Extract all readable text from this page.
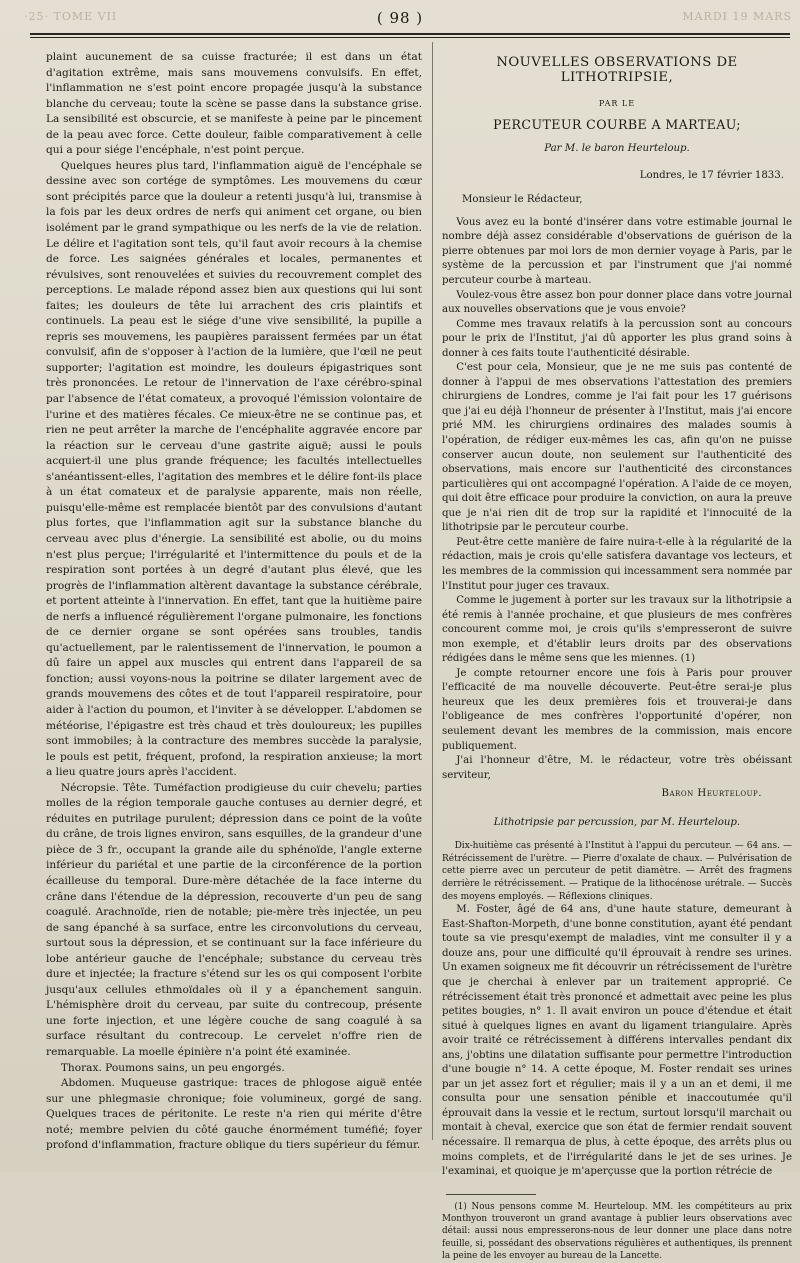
·25· TOME VII	MARDI 19 MARS
( 98 )

plaint aucunement de sa cuisse fracturée; il est dans un état d'agitation extrême, mais sans mouvemens convulsifs. En effet, l'inflammation ne s'est point encore propagée jusqu'à la substance blanche du cerveau; toute la scène se passe dans la substance grise. La sensibilité est obscurcie, et se manifeste à peine par le pincement de la peau avec force. Cette douleur, faible comparativement à celle qui a pour siége l'encéphale, n'est point perçue.

Quelques heures plus tard, l'inflammation aiguë de l'encéphale se dessine avec son cortége de symptômes. Les mouvemens du cœur sont précipités parce que la douleur a retenti jusqu'à lui, transmise à la fois par les deux ordres de nerfs qui animent cet organe, ou bien isolément par le grand sympathique ou les nerfs de la vie de relation. Le délire et l'agitation sont tels, qu'il faut avoir recours à la chemise de force. Les saignées générales et locales, permanentes et révulsives, sont renouvelées et suivies du recouvrement complet des perceptions. Le malade répond assez bien aux questions qui lui sont faites; les douleurs de tête lui arrachent des cris plaintifs et continuels. La peau est le siége d'une vive sensibilité, la pupille a repris ses mouvemens, les paupières paraissent fermées par un état convulsif, afin de s'opposer à l'action de la lumière, que l'œil ne peut supporter; l'agitation est moindre, les douleurs épigastriques sont très prononcées. Le retour de l'innervation de l'axe cérébro-spinal par l'absence de l'état comateux, a provoqué l'émission volontaire de l'urine et des matières fécales. Ce mieux-être ne se continue pas, et rien ne peut arrêter la marche de l'encéphalite aggravée encore par la réaction sur le cerveau d'une gastrite aiguë; aussi le pouls acquiert-il une plus grande fréquence; les facultés intellectuelles s'anéantissent-elles, l'agitation des membres et le délire font-ils place à un état comateux et de paralysie apparente, mais non réelle, puisqu'elle-même est remplacée bientôt par des convulsions d'autant plus fortes, que l'inflammation agit sur la substance blanche du cerveau avec plus d'énergie. La sensibilité est abolie, ou du moins n'est plus perçue; l'irrégularité et l'intermittence du pouls et de la respiration sont portées à un degré d'autant plus élevé, que les progrès de l'inflammation altèrent davantage la substance cérébrale, et portent atteinte à l'innervation. En effet, tant que la huitième paire de nerfs a influencé régulièrement l'organe pulmonaire, les fonctions de ce dernier organe se sont opérées sans troubles, tandis qu'actuellement, par le ralentissement de l'innervation, le poumon a dû faire un appel aux muscles qui entrent dans l'appareil de sa fonction; aussi voyons-nous la poitrine se dilater largement avec de grands mouvemens des côtes et de tout l'appareil respiratoire, pour aider à l'action du poumon, et l'inviter à se développer. L'abdomen se météorise, l'épigastre est très chaud et très douloureux; les pupilles sont immobiles; à la contracture des membres succède la paralysie, le pouls est petit, fréquent, profond, la respiration anxieuse; la mort a lieu quatre jours après l'accident.

Nécropsie. Tête. Tuméfaction prodigieuse du cuir chevelu; parties molles de la région temporale gauche contuses au dernier degré, et réduites en putrilage purulent; dépression dans ce point de la voûte du crâne, de trois lignes environ, sans esquilles, de la grandeur d'une pièce de 3 fr., occupant la grande aile du sphénoïde, l'angle externe inférieur du pariétal et une partie de la circonférence de la portion écailleuse du temporal. Dure-mère détachée de la face interne du crâne dans l'étendue de la dépression, recouverte d'un peu de sang coagulé. Arachnoïde, rien de notable; pie-mère très injectée, un peu de sang épanché à sa surface, entre les circonvolutions du cerveau, surtout sous la dépression, et se continuant sur la face inférieure du lobe antérieur gauche de l'encéphale; substance du cerveau très dure et injectée; la fracture s'étend sur les os qui composent l'orbite jusqu'aux cellules ethmoïdales où il y a épanchement sanguin. L'hémisphère droit du cerveau, par suite du contrecoup, présente une forte injection, et une légère couche de sang coagulé à sa surface résultant du contrecoup. Le cervelet n'offre rien de remarquable. La moelle épinière n'a point été examinée.

Thorax. Poumons sains, un peu engorgés.

Abdomen. Muqueuse gastrique: traces de phlogose aiguë entée sur une phlegmasie chronique; foie volumineux, gorgé de sang. Quelques traces de péritonite. Le reste n'a rien qui mérite d'être noté; membre pelvien du côté gauche énormément tuméfié; foyer profond d'inflammation, fracture oblique du tiers supérieur du fémur.

NOUVELLES OBSERVATIONS DE LITHOTRIPSIE,
PAR LE
PERCUTEUR COURBE A MARTEAU;
Par M. le baron Heurteloup.
Londres, le 17 février 1833.
Monsieur le Rédacteur,

Vous avez eu la bonté d'insérer dans votre estimable journal le nombre déjà assez considérable d'observations de guérison de la pierre obtenues par moi lors de mon dernier voyage à Paris, par le système de la percussion et par l'instrument que j'ai nommé percuteur courbe à marteau.

Voulez-vous être assez bon pour donner place dans votre journal aux nouvelles observations que je vous envoie?

Comme mes travaux relatifs à la percussion sont au concours pour le prix de l'Institut, j'ai dû apporter les plus grand soins à donner à ces faits toute l'authenticité désirable.

C'est pour cela, Monsieur, que je ne me suis pas contenté de donner à l'appui de mes observations l'attestation des premiers chirurgiens de Londres, comme je l'ai fait pour les 17 guérisons que j'ai eu déjà l'honneur de présenter à l'Institut, mais j'ai encore prié MM. les chirurgiens ordinaires des malades soumis à l'opération, de rédiger eux-mêmes les cas, afin qu'on ne puisse conserver aucun doute, non seulement sur l'authenticité des observations, mais encore sur l'authenticité des circonstances particulières qui ont accompagné l'opération. A l'aide de ce moyen, qui doit être efficace pour produire la conviction, on aura la preuve que je n'ai rien dit de trop sur la rapidité et l'innocuité de la lithotripsie par le percuteur courbe.

Peut-être cette manière de faire nuira-t-elle à la régularité de la rédaction, mais je crois qu'elle satisfera davantage vos lecteurs, et les membres de la commission qui incessamment sera nommée par l'Institut pour juger ces travaux.

Comme le jugement à porter sur les travaux sur la lithotripsie a été remis à l'année prochaine, et que plusieurs de mes confrères concourent comme moi, je crois qu'ils s'empresseront de suivre mon exemple, et d'établir leurs droits par des observations rédigées dans le même sens que les miennes. (1)

Je compte retourner encore une fois à Paris pour prouver l'efficacité de ma nouvelle découverte. Peut-être serai-je plus heureux que les deux premières fois et trouverai-je dans l'obligeance de mes confrères l'opportunité d'opérer, non seulement devant les membres de la commission, mais encore publiquement.

J'ai l'honneur d'être, M. le rédacteur, votre très obéissant serviteur,

Baron Heurteloup.
Lithotripsie par percussion, par M. Heurteloup.

Dix-huitième cas présenté à l'Institut à l'appui du percuteur. — 64 ans. — Rétrécissement de l'urètre. — Pierre d'oxalate de chaux. — Pulvérisation de cette pierre avec un percuteur de petit diamètre. — Arrêt des fragmens derrière le rétrécissement. — Pratique de la lithocénose urétrale. — Succès des moyens employés. — Réflexions cliniques.

M. Foster, âgé de 64 ans, d'une haute stature, demeurant à East-Shafton-Morpeth, d'une bonne constitution, ayant été pendant toute sa vie presqu'exempt de maladies, vint me consulter il y a douze ans, pour une difficulté qu'il éprouvait à rendre ses urines. Un examen soigneux me fit découvrir un rétrécissement de l'urètre que je cherchai à enlever par un traitement approprié. Ce rétrécissement était très prononcé et admettait avec peine les plus petites bougies, n° 1. Il avait environ un pouce d'étendue et était situé à quelques lignes en avant du ligament triangulaire. Après avoir traité ce rétrécissement à différens intervalles pendant dix ans, j'obtins une dilatation suffisante pour permettre l'introduction d'une bougie n° 14. A cette époque, M. Foster rendait ses urines par un jet assez fort et régulier; mais il y a un an et demi, il me consulta pour une sensation pénible et inaccoutumée qu'il éprouvait dans la vessie et le rectum, surtout lorsqu'il marchait ou montait à cheval, exercice que son état de fermier rendait souvent nécessaire. Il remarqua de plus, à cette époque, des arrêts plus ou moins complets, et de l'irrégularité dans le jet de ses urines. Je l'examinai, et quoique je m'aperçusse que la portion rétrécie de

(1) Nous pensons comme M. Heurteloup. MM. les compétiteurs au prix Monthyon trouveront un grand avantage à publier leurs observations avec détail: aussi nous empresserons-nous de leur donner une place dans notre feuille, si, possédant des observations régulières et authentiques, ils prennent la peine de les envoyer au bureau de la Lancette.
